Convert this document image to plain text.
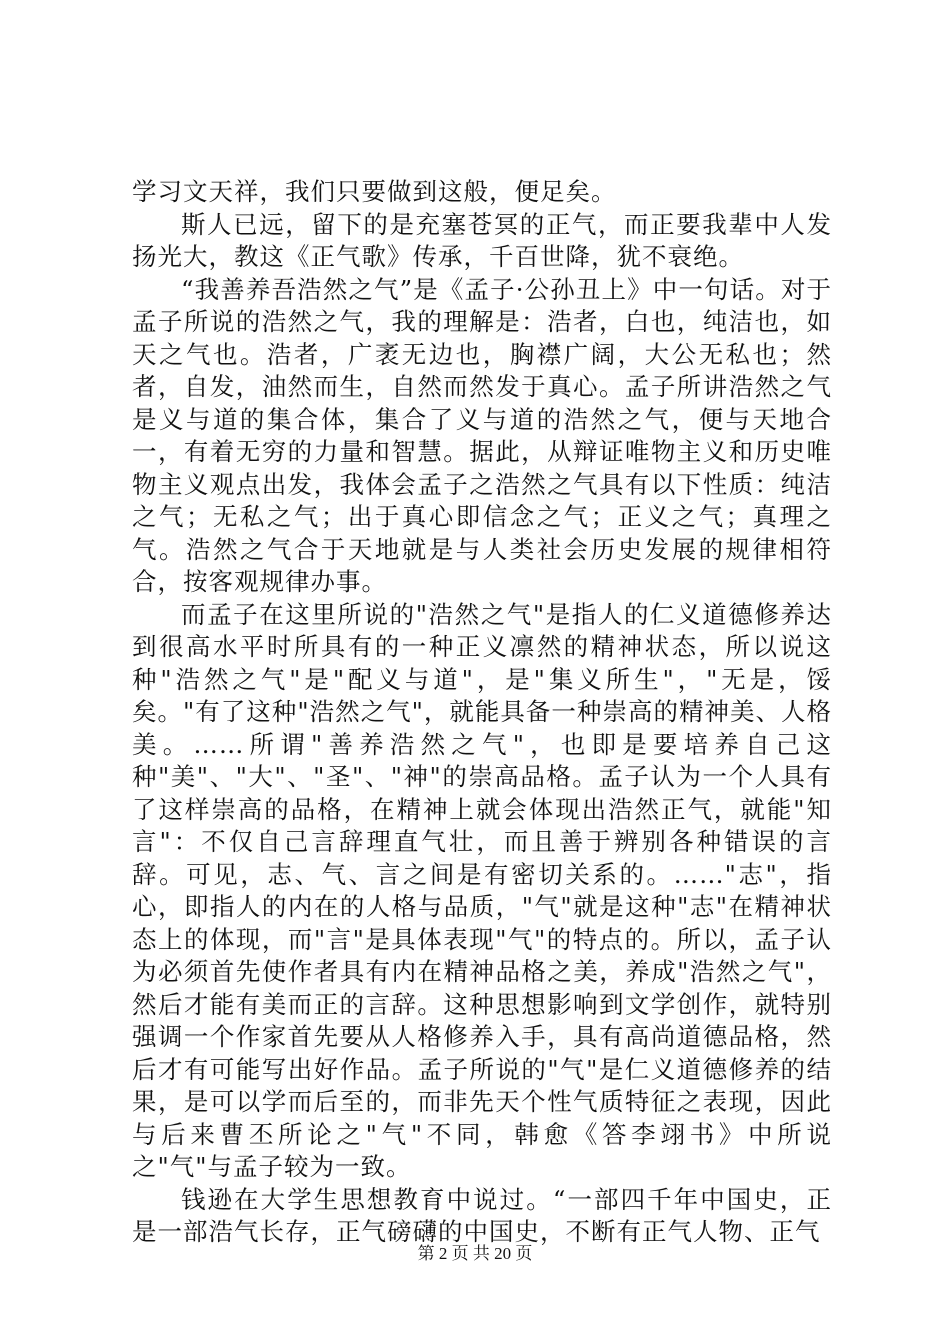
学习文天祥，我们只要做到这般，便足矣。

斯人已远，留下的是充塞苍冥的正气，而正要我辈中人发扬光大，教这《正气歌》传承，千百世降，犹不衰绝。

“我善养吾浩然之气”是《孟子·公孙丑上》中一句话。对于孟子所说的浩然之气，我的理解是：浩者，白也，纯洁也，如天之气也。浩者，广袤无边也，胸襟广阔，大公无私也；然者，自发，油然而生，自然而然发于真心。孟子所讲浩然之气是义与道的集合体，集合了义与道的浩然之气，便与天地合一，有着无穷的力量和智慧。据此，从辩证唯物主义和历史唯物主义观点出发，我体会孟子之浩然之气具有以下性质：纯洁之气；无私之气；出于真心即信念之气；正义之气；真理之气。浩然之气合于天地就是与人类社会历史发展的规律相符合，按客观规律办事。

而孟子在这里所说的"浩然之气"是指人的仁义道德修养达到很高水平时所具有的一种正义凛然的精神状态，所以说这种"浩然之气"是"配义与道"，是"集义所生"，"无是，馁矣。"有了这种"浩然之气"，就能具备一种崇高的精神美、人格美。……所谓"善养浩然之气"，也即是要培养自己这种"美"、"大"、"圣"、"神"的崇高品格。孟子认为一个人具有了这样崇高的品格，在精神上就会体现出浩然正气，就能"知言"：不仅自己言辞理直气壮，而且善于辨别各种错误的言辞。可见，志、气、言之间是有密切关系的。……"志"，指心，即指人的内在的人格与品质，"气"就是这种"志"在精神状态上的体现，而"言"是具体表现"气"的特点的。所以，孟子认为必须首先使作者具有内在精神品格之美，养成"浩然之气"，然后才能有美而正的言辞。这种思想影响到文学创作，就特别强调一个作家首先要从人格修养入手，具有高尚道德品格，然后才有可能写出好作品。孟子所说的"气"是仁义道德修养的结果，是可以学而后至的，而非先天个性气质特征之表现，因此与后来曹丕所论之"气"不同，韩愈《答李翊书》中所说之"气"与孟子较为一致。

钱逊在大学生思想教育中说过。“一部四千年中国史，正是一部浩气长存，正气磅礴的中国史，不断有正气人物、正气

第 2 页 共 20 页
